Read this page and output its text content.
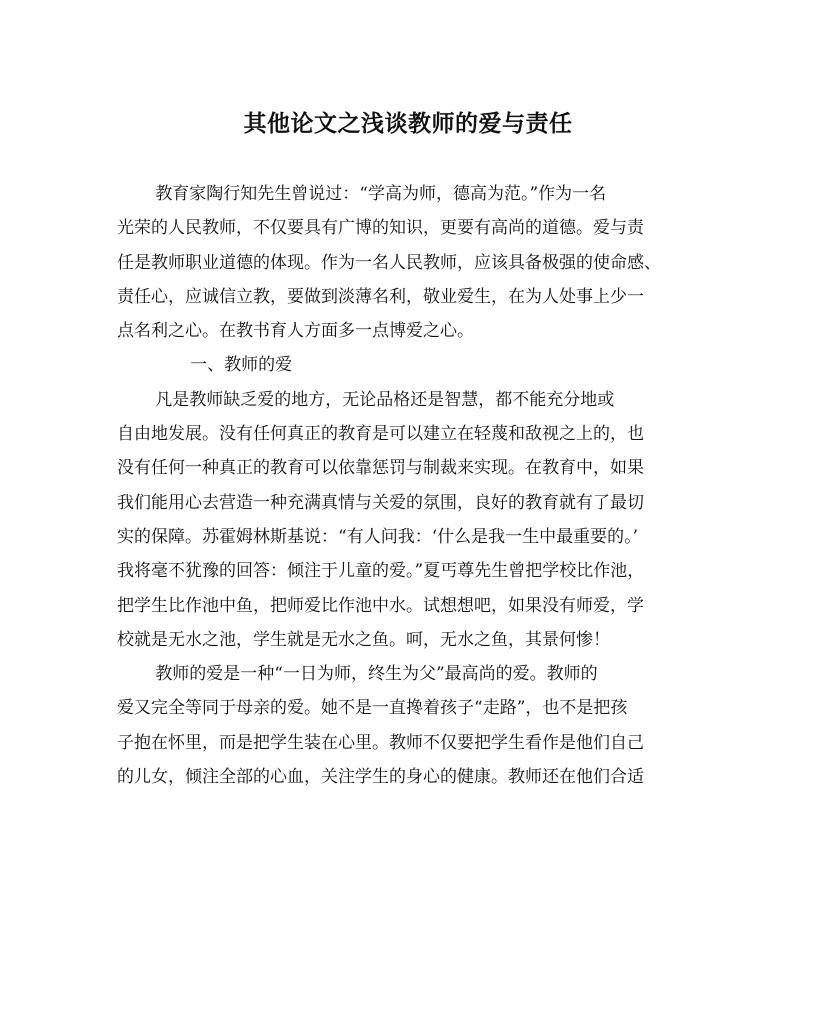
其他论文之浅谈教师的爱与责任

教育家陶行知先生曾说过：“学高为师，德高为范。”作为一名
光荣的人民教师，不仅要具有广博的知识，更要有高尚的道德。爱与责
任是教师职业道德的体现。作为一名人民教师，应该具备极强的使命感、
责任心，应诚信立教，要做到淡薄名利，敬业爱生，在为人处事上少一
点名利之心。在教书育人方面多一点博爱之心。

一、教师的爱

凡是教师缺乏爱的地方，无论品格还是智慧，都不能充分地或
自由地发展。没有任何真正的教育是可以建立在轻蔑和敌视之上的，也
没有任何一种真正的教育可以依靠惩罚与制裁来实现。在教育中，如果
我们能用心去营造一种充满真情与关爱的氛围，良好的教育就有了最切
实的保障。苏霍姆林斯基说：“有人问我：‘什么是我一生中最重要的。’
我将毫不犹豫的回答：倾注于儿童的爱。”夏丐尊先生曾把学校比作池，
把学生比作池中鱼，把师爱比作池中水。试想想吧，如果没有师爱，学
校就是无水之池，学生就是无水之鱼。呵，无水之鱼，其景何惨！

教师的爱是一种“一日为师，终生为父”最高尚的爱。教师的
爱又完全等同于母亲的爱。她不是一直搀着孩子“走路”，也不是把孩
子抱在怀里，而是把学生装在心里。教师不仅要把学生看作是他们自己
的儿女，倾注全部的心血，关注学生的身心的健康。教师还在他们合适
